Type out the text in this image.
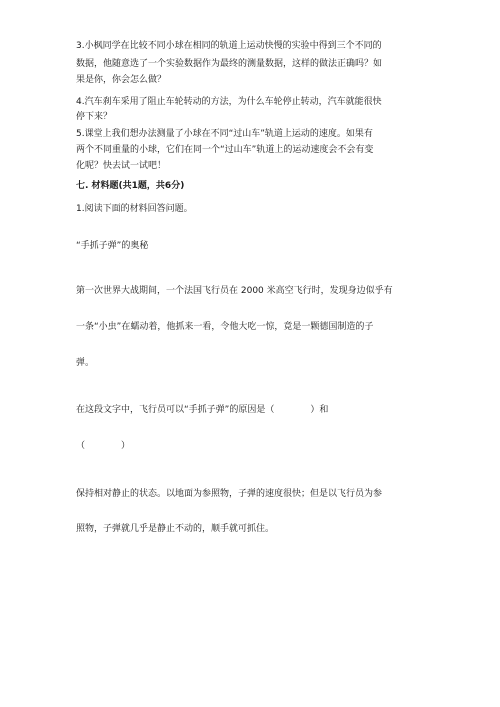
3.小枫同学在比较不同小球在相同的轨道上运动快慢的实验中得到三个不同的
数据，他随意选了一个实验数据作为最终的测量数据，这样的做法正确吗？如
果是你，你会怎么做？
4.汽车刹车采用了阻止车轮转动的方法，为什么车轮停止转动，汽车就能很快
停下来？
5.课堂上我们想办法测量了小球在不同“过山车”轨道上运动的速度。如果有
两个不同重量的小球，它们在同一个“过山车”轨道上的运动速度会不会有变
化呢？快去试一试吧！
七. 材料题(共1题，共6分)
1.阅读下面的材料回答问题。
“手抓子弹”的奥秘
第一次世界大战期间，一个法国飞行员在 2000 米高空飞行时，发现身边似乎有
一条“小虫”在蠕动着，他抓来一看，令他大吃一惊，竟是一颗德国制造的子
弹。
在这段文字中，飞行员可以“手抓子弹”的原因是（　　　　）和
（　　　　）
保持相对静止的状态。以地面为参照物，子弹的速度很快；但是以飞行员为参
照物，子弹就几乎是静止不动的，顺手就可抓住。
